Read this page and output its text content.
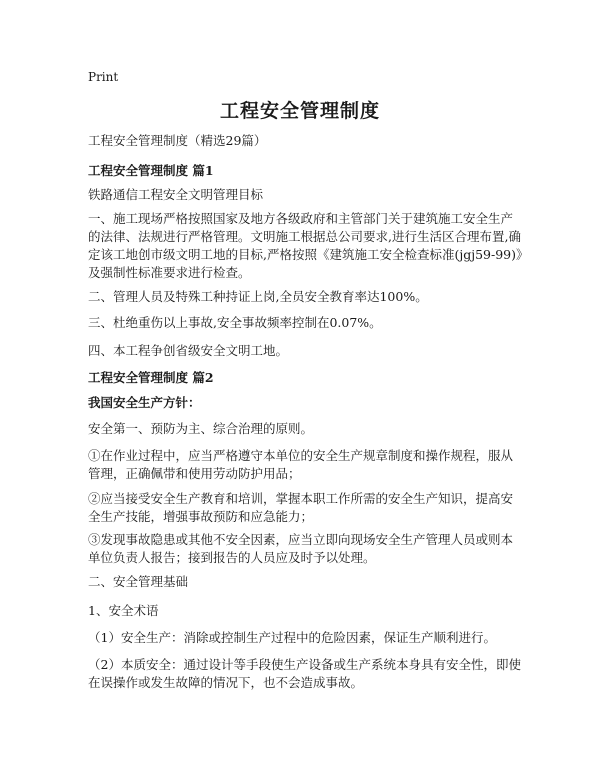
Print
工程安全管理制度

工程安全管理制度（精选29篇）

工程安全管理制度 篇1

铁路通信工程安全文明管理目标

一、施工现场严格按照国家及地方各级政府和主管部门关于建筑施工安全生产的法律、法规进行严格管理。文明施工根据总公司要求,进行生活区合理布置,确定该工地创市级文明工地的目标,严格按照《建筑施工安全检查标准(jgj59-99)》及强制性标准要求进行检查。

二、管理人员及特殊工种持证上岗,全员安全教育率达100%。

三、杜绝重伤以上事故,安全事故频率控制在0.07%。

四、本工程争创省级安全文明工地。

工程安全管理制度 篇2

我国安全生产方针：

安全第一、预防为主、综合治理的原则。

①在作业过程中，应当严格遵守本单位的安全生产规章制度和操作规程，服从管理，正确佩带和使用劳动防护用品；

②应当接受安全生产教育和培训，掌握本职工作所需的安全生产知识，提高安全生产技能，增强事故预防和应急能力；

③发现事故隐患或其他不安全因素，应当立即向现场安全生产管理人员或则本单位负责人报告；接到报告的人员应及时予以处理。

二、安全管理基础

1、安全术语

（1）安全生产：消除或控制生产过程中的危险因素，保证生产顺利进行。

（2）本质安全：通过设计等手段使生产设备或生产系统本身具有安全性，即使在误操作或发生故障的情况下，也不会造成事故。
